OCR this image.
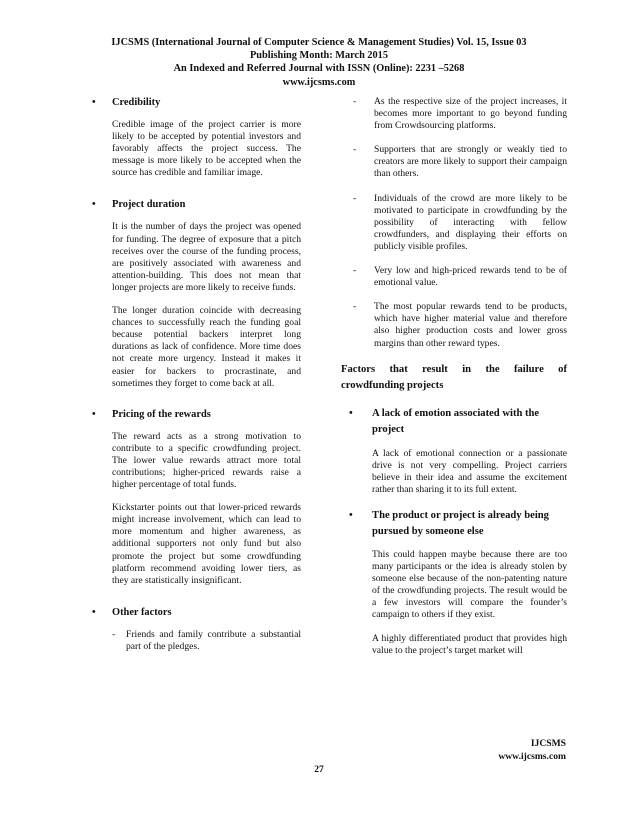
IJCSMS (International Journal of Computer Science & Management Studies) Vol. 15, Issue 03
Publishing Month: March 2015
An Indexed and Referred Journal with ISSN (Online): 2231 –5268
www.ijcsms.com
• Credibility

Credible image of the project carrier is more likely to be accepted by potential investors and favorably affects the project success. The message is more likely to be accepted when the source has credible and familiar image.

• Project duration

It is the number of days the project was opened for funding. The degree of exposure that a pitch receives over the course of the funding process, are positively associated with awareness and attention-building. This does not mean that longer projects are more likely to receive funds.

The longer duration coincide with decreasing chances to successfully reach the funding goal because potential backers interpret long durations as lack of confidence. More time does not create more urgency. Instead it makes it easier for backers to procrastinate, and sometimes they forget to come back at all.

• Pricing of the rewards

The reward acts as a strong motivation to contribute to a specific crowdfunding project. The lower value rewards attract more total contributions; higher-priced rewards raise a higher percentage of total funds.

Kickstarter points out that lower-priced rewards might increase involvement, which can lead to more momentum and higher awareness, as additional supporters not only fund but also promote the project but some crowdfunding platform recommend avoiding lower tiers, as they are statistically insignificant.

• Other factors
- Friends and family contribute a substantial part of the pledges.
- As the respective size of the project increases, it becomes more important to go beyond funding from Crowdsourcing platforms.
- Supporters that are strongly or weakly tied to creators are more likely to support their campaign than others.
- Individuals of the crowd are more likely to be motivated to participate in crowdfunding by the possibility of interacting with fellow crowdfunders, and displaying their efforts on publicly visible profiles.
- Very low and high-priced rewards tend to be of emotional value.
- The most popular rewards tend to be products, which have higher material value and therefore also higher production costs and lower gross margins than other reward types.
Factors that result in the failure of
crowdfunding projects
• A lack of emotion associated with the project

A lack of emotional connection or a passionate drive is not very compelling. Project carriers believe in their idea and assume the excitement rather than sharing it to its full extent.

• The product or project is already being pursued by someone else

This could happen maybe because there are too many participants or the idea is already stolen by someone else because of the non-patenting nature of the crowdfunding projects. The result would be a few investors will compare the founder’s campaign to others if they exist.

A highly differentiated product that provides high value to the project’s target market will

IJCSMS
www.ijcsms.com
27
